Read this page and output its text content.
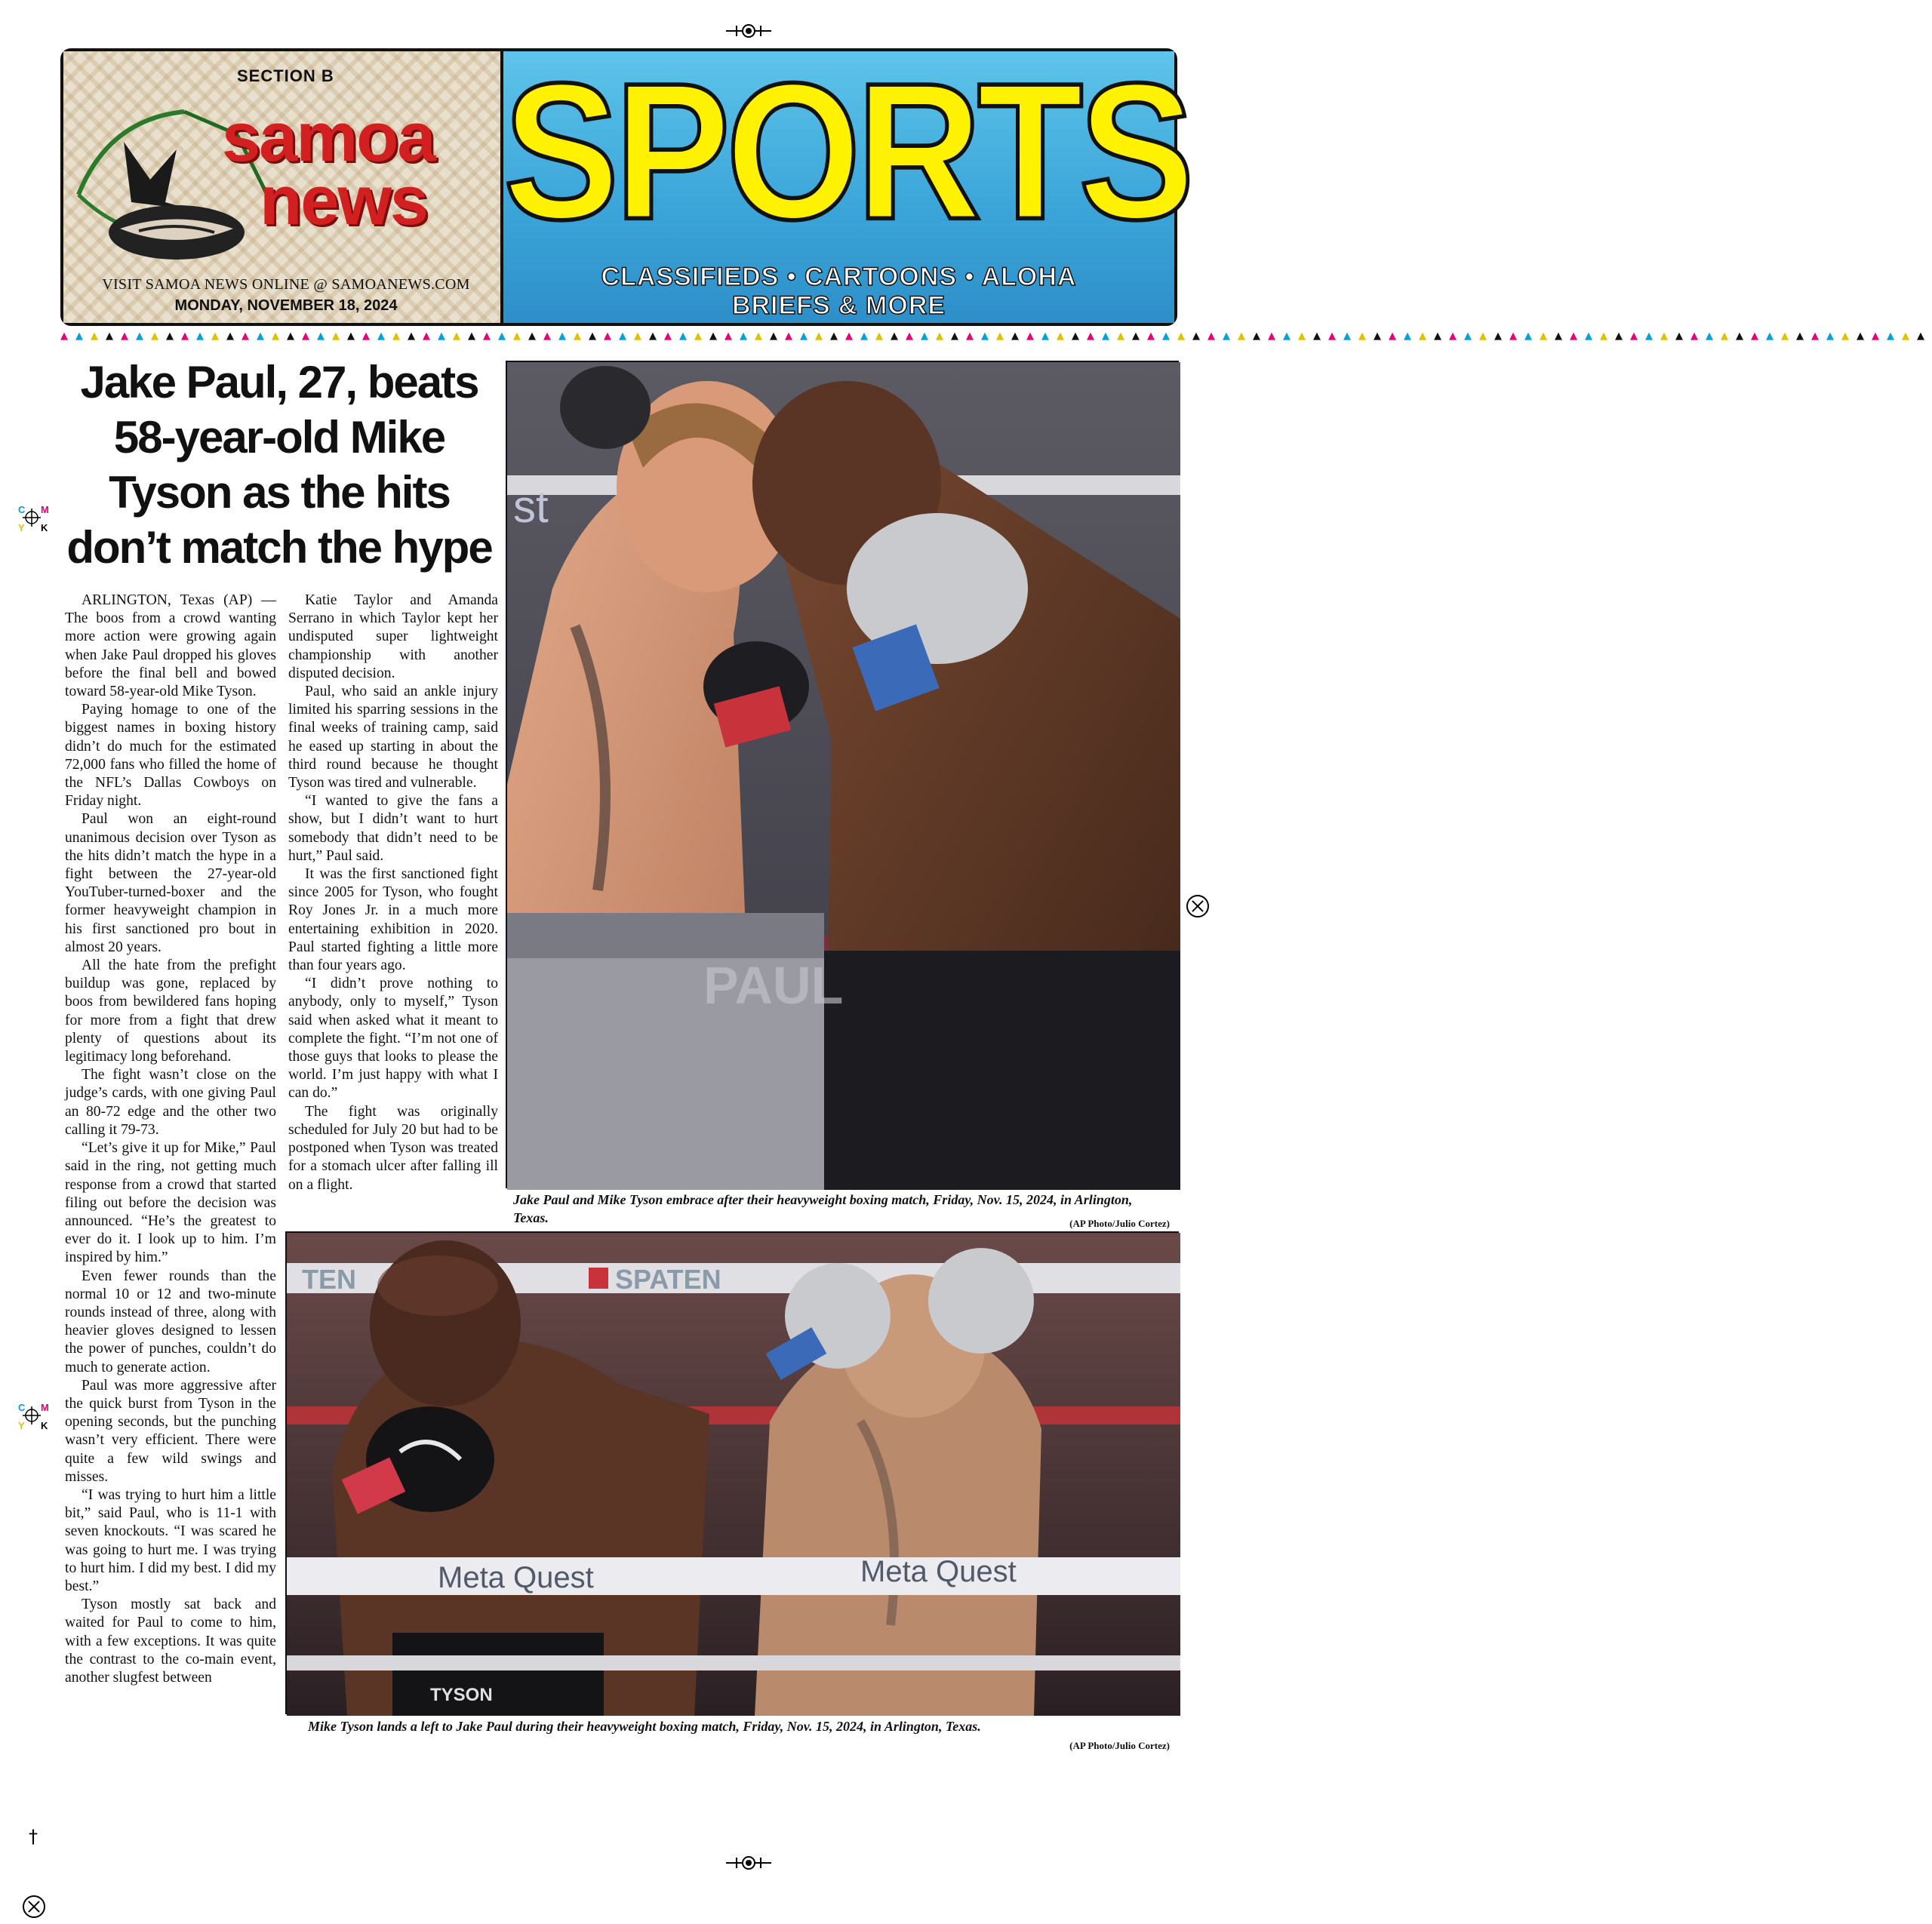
†
C M
Y K
C M
Y K
SECTION B
samoa
news
VISIT SAMOA NEWS ONLINE @ SAMOANEWS.COM
MONDAY, NOVEMBER 18, 2024
SPORTS
CLASSIFIEDS • CARTOONS • ALOHA
BRIEFS & MORE
▲▲▲▲▲▲▲▲▲▲▲▲▲▲▲▲▲▲▲▲▲▲▲▲▲▲▲▲▲▲▲▲▲▲▲▲▲▲▲▲▲▲▲▲▲▲▲▲▲▲▲▲▲▲▲▲▲▲▲▲▲▲▲▲▲▲▲▲▲▲▲▲▲▲▲▲▲▲▲▲▲▲▲▲▲▲▲▲▲▲▲▲▲▲▲▲▲▲▲▲▲▲▲▲▲▲▲▲▲▲▲▲▲▲▲▲▲▲▲▲▲▲▲▲
Jake Paul, 27, beats 58-year-old Mike Tyson as the hits don’t match the hype

ARLINGTON, Texas (AP) — The boos from a crowd wanting more action were growing again when Jake Paul dropped his gloves before the final bell and bowed toward 58-year-old Mike Tyson.

Paying homage to one of the biggest names in boxing history didn’t do much for the estimated 72,000 fans who filled the home of the NFL’s Dallas Cowboys on Friday night.

Paul won an eight-round unanimous decision over Tyson as the hits didn’t match the hype in a fight between the 27-year-old YouTuber-turned-boxer and the former heavyweight champion in his first sanctioned pro bout in almost 20 years.

All the hate from the prefight buildup was gone, replaced by boos from bewildered fans hoping for more from a fight that drew plenty of questions about its legitimacy long beforehand.

The fight wasn’t close on the judge’s cards, with one giving Paul an 80-72 edge and the other two calling it 79-73.

“Let’s give it up for Mike,” Paul said in the ring, not getting much response from a crowd that started filing out before the decision was announced. “He’s the greatest to ever do it. I look up to him. I’m inspired by him.”

Even fewer rounds than the normal 10 or 12 and two-minute rounds instead of three, along with heavier gloves designed to lessen the power of punches, couldn’t do much to generate action.

Paul was more aggressive after the quick burst from Tyson in the opening seconds, but the punching wasn’t very efficient. There were quite a few wild swings and misses.

“I was trying to hurt him a little bit,” said Paul, who is 11-1 with seven knockouts. “I was scared he was going to hurt me. I was trying to hurt him. I did my best. I did my best.”

Tyson mostly sat back and waited for Paul to come to him, with a few exceptions. It was quite the contrast to the co-main event, another slugfest between

Katie Taylor and Amanda Serrano in which Taylor kept her undisputed super lightweight championship with another disputed decision.

Paul, who said an ankle injury limited his sparring sessions in the final weeks of training camp, said he eased up starting in about the third round because he thought Tyson was tired and vulnerable.

“I wanted to give the fans a show, but I didn’t want to hurt somebody that didn’t need to be hurt,” Paul said.

It was the first sanctioned fight since 2005 for Tyson, who fought Roy Jones Jr. in a much more entertaining exhibition in 2020. Paul started fighting a little more than four years ago.

“I didn’t prove nothing to anybody, only to myself,” Tyson said when asked what it meant to complete the fight. “I’m not one of those guys that looks to please the world. I’m just happy with what I can do.”

The fight was originally scheduled for July 20 but had to be postponed when Tyson was treated for a stomach ulcer after falling ill on a flight.

st
PAUL
Jake Paul and Mike Tyson embrace after their heavyweight boxing match, Friday, Nov. 15, 2024, in Arlington, Texas.	(AP Photo/Julio Cortez)
TEN	SPATEN
TYSON
Meta Quest	Meta Quest
Mike Tyson lands a left to Jake Paul during their heavyweight boxing match, Friday, Nov. 15, 2024, in Arlington, Texas.
(AP Photo/Julio Cortez)
